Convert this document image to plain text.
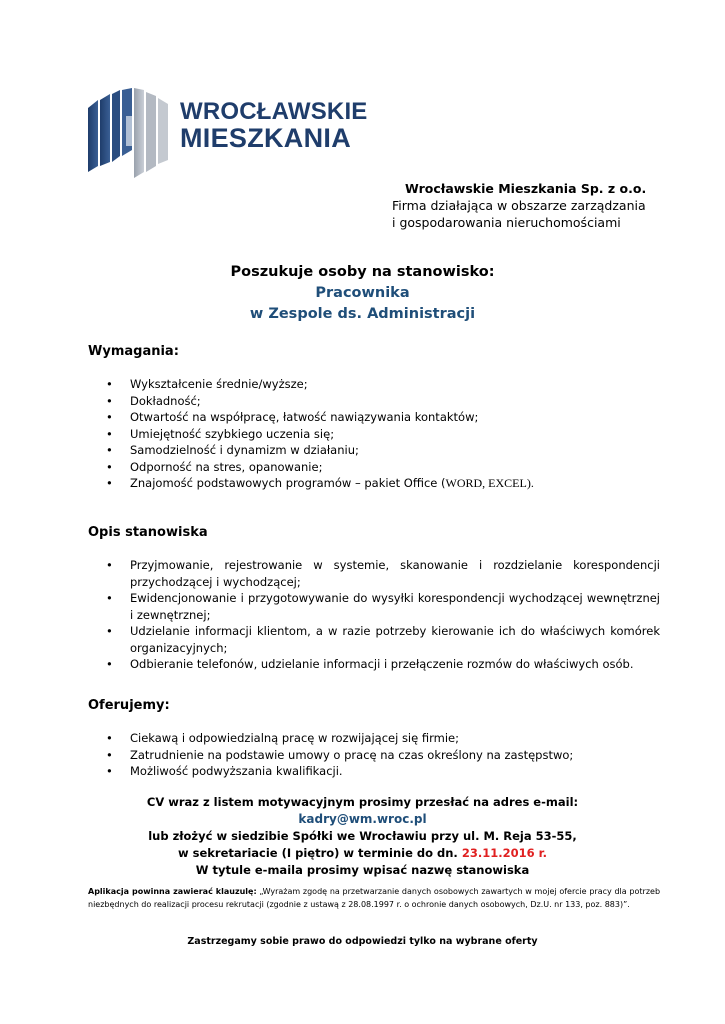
WROCŁAWSKIE
MIESZKANIA
Wrocławskie Mieszkania Sp. z o.o.
Firma działająca w obszarze zarządzania
i gospodarowania nieruchomościami
Poszukuje osoby na stanowisko:
Pracownika
w Zespole ds. Administracji
Wymagania:
• Wykształcenie średnie/wyższe;
• Dokładność;
• Otwartość na współpracę, łatwość nawiązywania kontaktów;
• Umiejętność szybkiego uczenia się;
• Samodzielność i dynamizm w działaniu;
• Odporność na stres, opanowanie;
• Znajomość podstawowych programów – pakiet Office (WORD, EXCEL).
Opis stanowiska
• Przyjmowanie, rejestrowanie w systemie, skanowanie i rozdzielanie korespondencji przychodzącej i wychodzącej;
• Ewidencjonowanie i przygotowywanie do wysyłki korespondencji wychodzącej wewnętrznej i zewnętrznej;
• Udzielanie informacji klientom, a w razie potrzeby kierowanie ich do właściwych komórek organizacyjnych;
• Odbieranie telefonów, udzielanie informacji i przełączenie rozmów do właściwych osób.
Oferujemy:
• Ciekawą i odpowiedzialną pracę w rozwijającej się firmie;
• Zatrudnienie na podstawie umowy o pracę na czas określony na zastępstwo;
• Możliwość podwyższania kwalifikacji.
CV wraz z listem motywacyjnym prosimy przesłać na adres e-mail:
kadry@wm.wroc.pl
lub złożyć w siedzibie Spółki we Wrocławiu przy ul. M. Reja 53-55,
w sekretariacie (I piętro) w terminie do dn. 23.11.2016 r.
W tytule e-maila prosimy wpisać nazwę stanowiska
Aplikacja powinna zawierać klauzulę: „Wyrażam zgodę na przetwarzanie danych osobowych zawartych w mojej ofercie pracy dla potrzeb niezbędnych do realizacji procesu rekrutacji (zgodnie z ustawą z 28.08.1997 r. o ochronie danych osobowych, Dz.U. nr 133, poz. 883)”.
Zastrzegamy sobie prawo do odpowiedzi tylko na wybrane oferty
